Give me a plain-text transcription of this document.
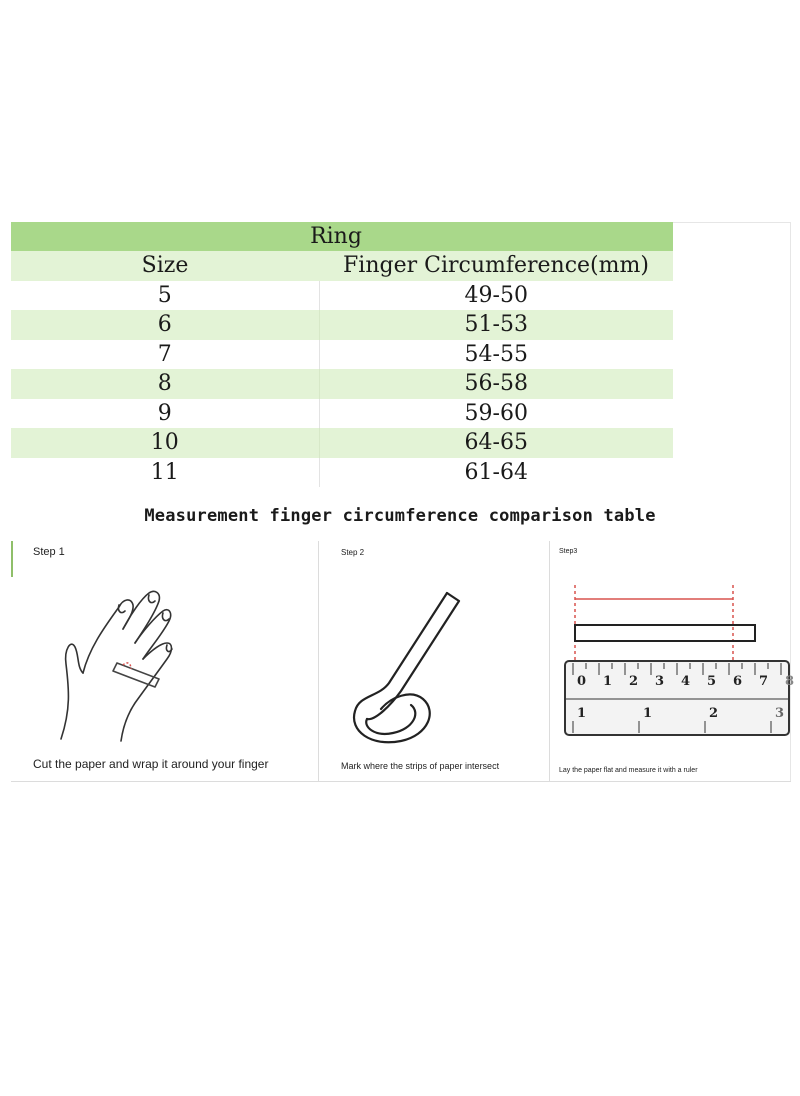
Ring
Size	Finger Circumference(mm)
5	49-50
6	51-53
7	54-55
8	56-58
9	59-60
10	64-65
11	61-64
Measurement finger circumference comparison table
Step 1
Cut the paper and wrap it around your finger
Step 2
Mark where the strips of paper intersect
Step3
0 1 2 3 4 5 6 7 8
1	1	2	3
Lay the paper flat and measure it with a ruler
